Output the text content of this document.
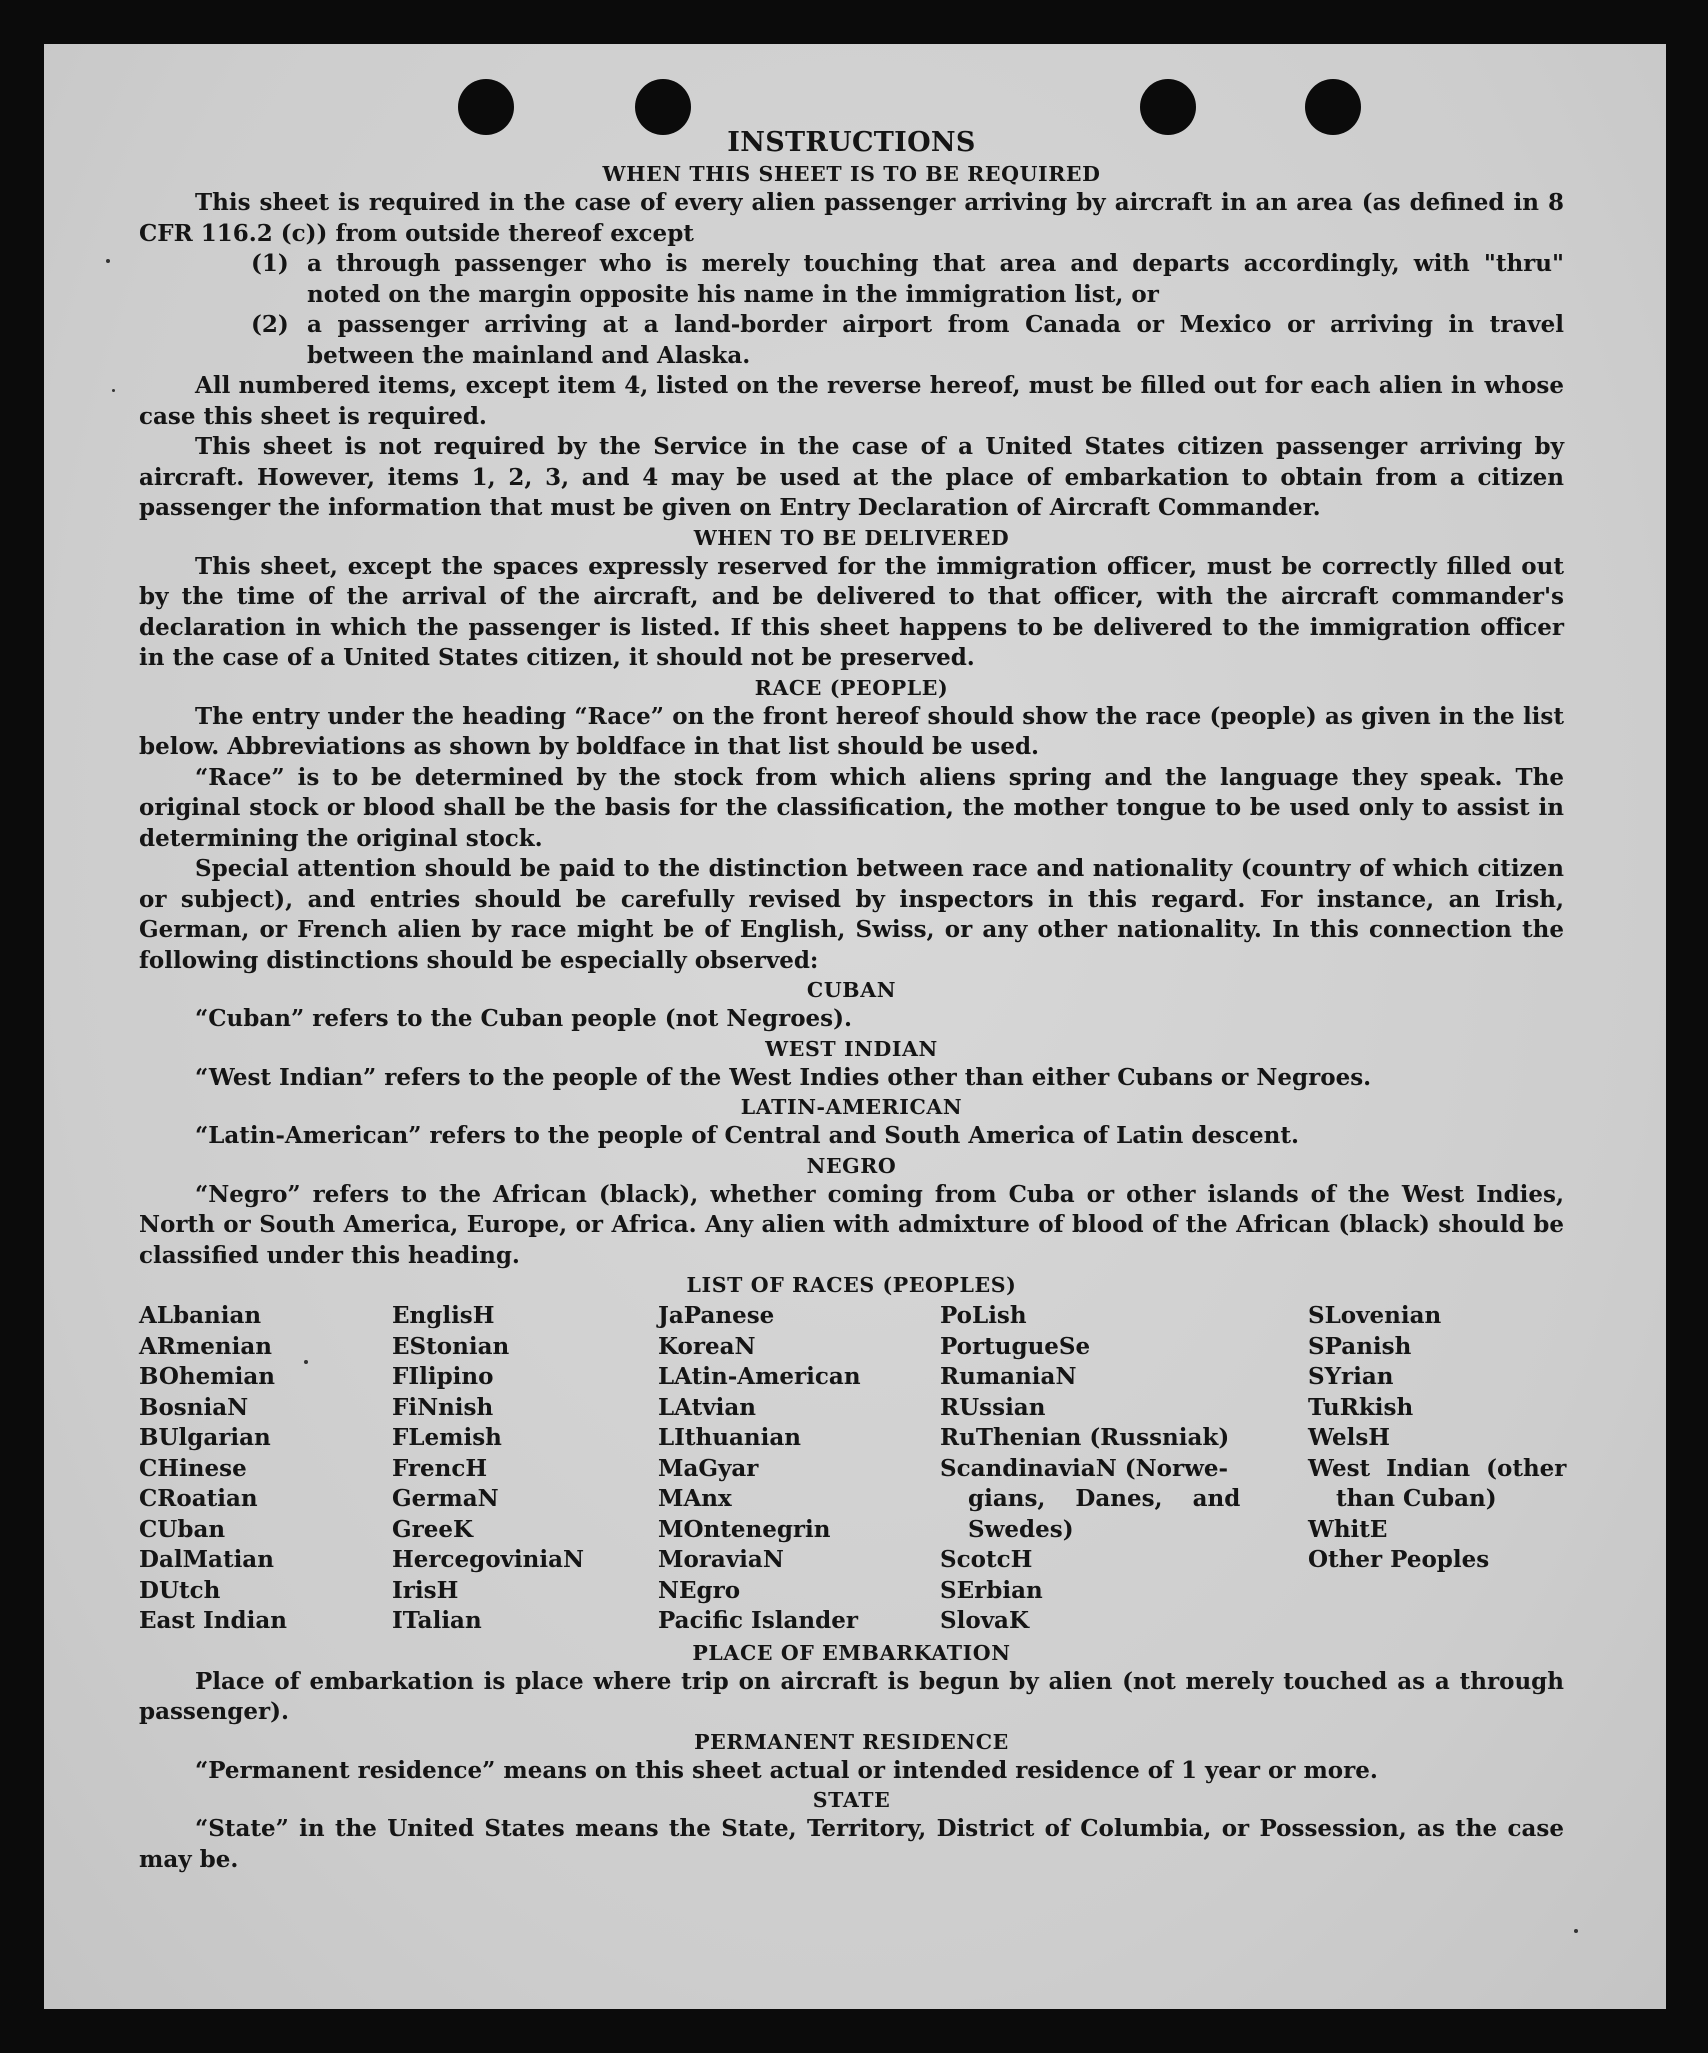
INSTRUCTIONS
WHEN THIS SHEET IS TO BE REQUIRED

This sheet is required in the case of every alien passenger arriving by aircraft in an area (as defined in 8 CFR 116.2 (c)) from outside thereof except

(1) a through passenger who is merely touching that area and departs accordingly, with "thru" noted on the margin opposite his name in the immigration list, or
(2) a passenger arriving at a land-border airport from Canada or Mexico or arriving in travel between the mainland and Alaska.

All numbered items, except item 4, listed on the reverse hereof, must be filled out for each alien in whose case this sheet is required.

This sheet is not required by the Service in the case of a United States citizen passenger arriving by aircraft. However, items 1, 2, 3, and 4 may be used at the place of embarkation to obtain from a citizen passenger the information that must be given on Entry Declaration of Aircraft Commander.

WHEN TO BE DELIVERED

This sheet, except the spaces expressly reserved for the immigration officer, must be correctly filled out by the time of the arrival of the aircraft, and be delivered to that officer, with the aircraft commander's declaration in which the passenger is listed. If this sheet happens to be delivered to the immigration officer in the case of a United States citizen, it should not be preserved.

RACE (PEOPLE)

The entry under the heading “Race” on the front hereof should show the race (people) as given in the list below. Abbreviations as shown by boldface in that list should be used.

“Race” is to be determined by the stock from which aliens spring and the language they speak. The original stock or blood shall be the basis for the classification, the mother tongue to be used only to assist in determining the original stock.

Special attention should be paid to the distinction between race and nationality (country of which citizen or subject), and entries should be carefully revised by inspectors in this regard. For instance, an Irish, German, or French alien by race might be of English, Swiss, or any other nationality. In this connection the following distinctions should be especially observed:

CUBAN

“Cuban” refers to the Cuban people (not Negroes).

WEST INDIAN

“West Indian” refers to the people of the West Indies other than either Cubans or Negroes.

LATIN-AMERICAN

“Latin-American” refers to the people of Central and South America of Latin descent.

NEGRO

“Negro” refers to the African (black), whether coming from Cuba or other islands of the West Indies, North or South America, Europe, or Africa. Any alien with admixture of blood of the African (black) should be classified under this heading.

LIST OF RACES (PEOPLES)
ALbanian
ARmenian
BOhemian
BosniaN
BUlgarian
CHinese
CRoatian
CUban
DalMatian
DUtch
East Indian
EnglisH
EStonian
FIlipino
FiNnish
FLemish
FrencH
GermaN
GreeK
HercegoviniaN
IrisH
ITalian
JaPanese
KoreaN
LAtin-American
LAtvian
LIthuanian
MaGyar
MAnx
MOntenegrin
MoraviaN
NEgro
Pacific Islander
PoLish
PortugueSe
RumaniaN
RUssian
RuThenian (Russniak)
ScandinaviaN (Norwe-
gians, Danes, and
Swedes)
ScotcH
SErbian
SlovaK
SLovenian
SPanish
SYrian
TuRkish
WelsH
West Indian (other
than Cuban)
WhitE
Other Peoples
PLACE OF EMBARKATION

Place of embarkation is place where trip on aircraft is begun by alien (not merely touched as a through passenger).

PERMANENT RESIDENCE

“Permanent residence” means on this sheet actual or intended residence of 1 year or more.

STATE

“State” in the United States means the State, Territory, District of Columbia, or Possession, as the case may be.
